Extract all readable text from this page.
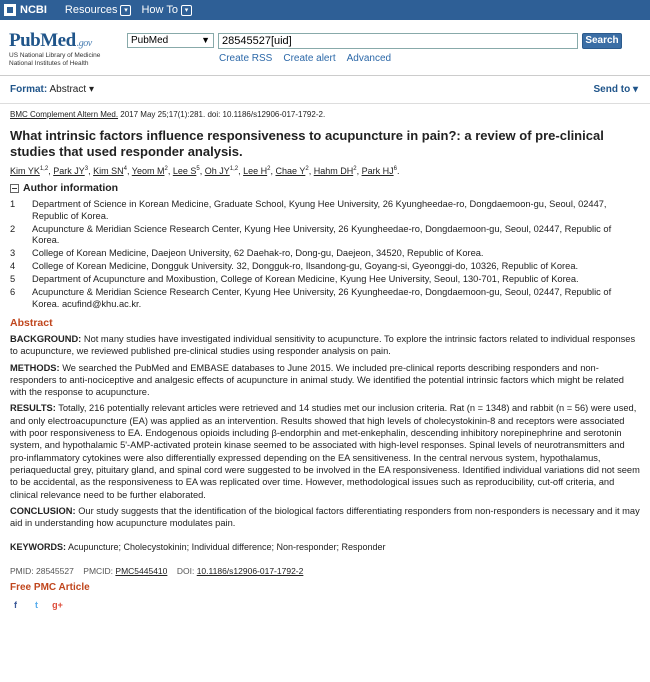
NCBI Resources ▾	How To ▾
PubMed.gov
US National Library of Medicine
National Institutes of Health
PubMed	▼	28545527[uid]	Search
Create RSS Create alert Advanced
Format: Abstract ▾	Send to ▾
BMC Complement Altern Med. 2017 May 25;17(1):281. doi: 10.1186/s12906-017-1792-2.
What intrinsic factors influence responsiveness to acupuncture in pain?: a review of pre-clinical studies that used responder analysis.
Kim YK$^{1,2}$, Park $JY^3$, Kim $SN^4$, Yeom $M^2$, Lee $S^5$, Oh JY$^{1,2}$, Lee $H^2$, Chae $Y^2$, Hahm $DH^2$, Park $HJ^6$.
Author information
1	Department of Science in Korean Medicine, Graduate School, Kyung Hee University, 26 Kyungheedae-ro, Dongdaemoon-gu, Seoul, 02447, Republic of Korea.
2	Acupuncture & Meridian Science Research Center, Kyung Hee University, 26 Kyungheedae-ro, Dongdaemoon-gu, Seoul, 02447, Republic of Korea.
3	College of Korean Medicine, Daejeon University, 62 Daehak-ro, Dong-gu, Daejeon, 34520, Republic of Korea.
4	College of Korean Medicine, Dongguk University. 32, Dongguk-ro, Ilsandong-gu, Goyang-si, Gyeonggi-do, 10326, Republic of Korea.
5	Department of Acupuncture and Moxibustion, College of Korean Medicine, Kyung Hee University, Seoul, 130-701, Republic of Korea.
6	Acupuncture & Meridian Science Research Center, Kyung Hee University, 26 Kyungheedae-ro, Dongdaemoon-gu, Seoul, 02447, Republic of Korea. acufind@khu.ac.kr.
Abstract
BACKGROUND: Not many studies have investigated individual sensitivity to acupuncture. To explore the intrinsic factors related to individual responses to acupuncture, we reviewed published pre-clinical studies using responder analysis on pain.
METHODS: We searched the PubMed and EMBASE databases to June 2015. We included pre-clinical reports describing responders and non-responders to anti-nociceptive and analgesic effects of acupuncture in animal study. We identified the potential intrinsic factors which might be related with the response to acupuncture.
RESULTS: Totally, 216 potentially relevant articles were retrieved and 14 studies met our inclusion criteria. Rat (n = 1348) and rabbit (n = 56) were used, and only electroacupuncture (EA) was applied as an intervention. Results showed that high levels of cholecystokinin-8 and receptors were associated with poor responsiveness to EA. Endogenous opioids including β-endorphin and met-enkephalin, descending inhibitory norepinephrine and serotonin system, and hypothalamic 5'-AMP-activated protein kinase seemed to be associated with high-level responses. Spinal levels of neurotransmitters and pro-inflammatory cytokines were also differentially expressed depending on the EA sensitiveness. In the central nervous system, hypothalamus, periaqueductal grey, pituitary gland, and spinal cord were suggested to be involved in the EA responsiveness. Identified individual variations did not seem to be accidental, as the responsiveness to EA was replicated over time. However, methodological issues such as reproducibility, cut-off criteria, and clinical relevance need to be further elaborated.
CONCLUSION: Our study suggests that the identification of the biological factors differentiating responders from non-responders is necessary and it may aid in understanding how acupuncture modulates pain.
KEYWORDS: Acupuncture; Cholecystokinin; Individual difference; Non-responder; Responder
PMID: 28545527 PMCID: PMC5445410 DOI: 10.1186/s12906-017-1792-2
Free PMC Article
f	t	g+
